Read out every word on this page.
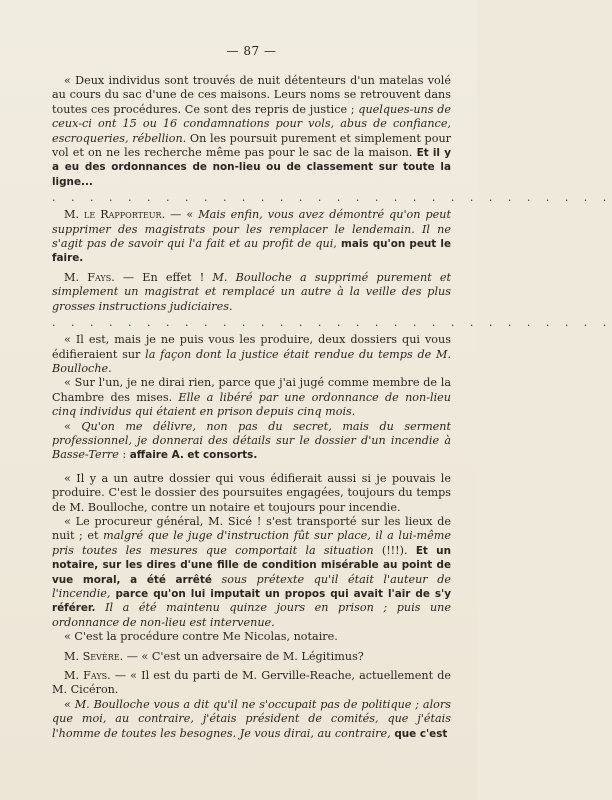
— 87 —

« Deux individus sont trouvés de nuit détenteurs d'un matelas volé au cours du sac d'une de ces maisons. Leurs noms se retrouvent dans toutes ces procédures. Ce sont des repris de justice ; quelques-uns de ceux-ci ont 15 ou 16 condamnations pour vols, abus de confiance, escroqueries, rébellion. On les poursuit purement et simplement pour vol et on ne les recherche même pas pour le sac de la maison. Et il y a eu des ordonnances de non-lieu ou de classement sur toute la ligne...

. . . . . . . . . . . . . . . . . . . . . . . . . . . . . .

M. le Rapporteur. — « Mais enfin, vous avez démontré qu'on peut supprimer des magistrats pour les remplacer le lendemain. Il ne s'agit pas de savoir qui l'a fait et au profit de qui, mais qu'on peut le faire.

M. Fays. — En effet ! M. Boulloche a supprimé purement et simplement un magistrat et remplacé un autre à la veille des plus grosses instructions judiciaires.

. . . . . . . . . . . . . . . . . . . . . . . . . . . . . .

« Il est, mais je ne puis vous les produire, deux dossiers qui vous édifieraient sur la façon dont la justice était rendue du temps de M. Boulloche.

« Sur l'un, je ne dirai rien, parce que j'ai jugé comme membre de la Chambre des mises. Elle a libéré par une ordonnance de non-lieu cinq individus qui étaient en prison depuis cinq mois.

« Qu'on me délivre, non pas du secret, mais du serment professionnel, je donnerai des détails sur le dossier d'un incendie à Basse-Terre : affaire A. et consorts.

« Il y a un autre dossier qui vous édifierait aussi si je pouvais le produire. C'est le dossier des poursuites engagées, toujours du temps de M. Boulloche, contre un notaire et toujours pour incendie.

« Le procureur général, M. Sicé ! s'est transporté sur les lieux de nuit ; et malgré que le juge d'instruction fût sur place, il a lui-même pris toutes les mesures que comportait la situation (!!!). Et un notaire, sur les dires d'une fille de condition misérable au point de vue moral, a été arrêté sous prétexte qu'il était l'auteur de l'incendie, parce qu'on lui imputait un propos qui avait l'air de s'y référer. Il a été maintenu quinze jours en prison ; puis une ordonnance de non-lieu est intervenue.

« C'est la procédure contre Me Nicolas, notaire.

M. Sevère. — « C'est un adversaire de M. Légitimus?

M. Fays. — « Il est du parti de M. Gerville-Reache, actuellement de M. Cicéron.

« M. Boulloche vous a dit qu'il ne s'occupait pas de politique ; alors que moi, au contraire, j'étais président de comités, que j'étais l'homme de toutes les besognes. Je vous dirai, au contraire, que c'est
